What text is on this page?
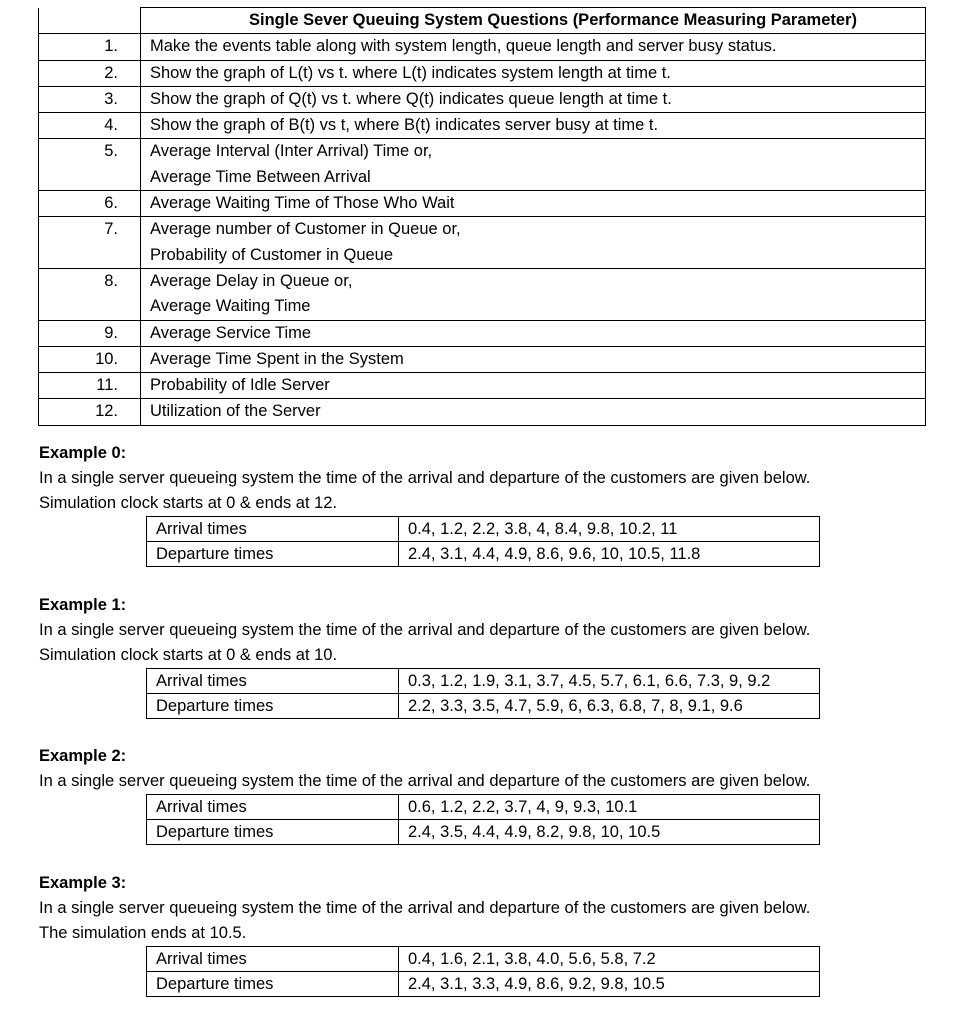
	Single Sever Queuing System Questions (Performance Measuring Parameter)
1.	Make the events table along with system length, queue length and server busy status.

2.	Show the graph of L(t) vs t. where L(t) indicates system length at time t.

3.	Show the graph of Q(t) vs t. where Q(t) indicates queue length at time t.

4.	Show the graph of B(t) vs t, where B(t) indicates server busy at time t.

5.	Average Interval (Inter Arrival) Time or,
Average Time Between Arrival

6.	Average Waiting Time of Those Who Wait

7.	Average number of Customer in Queue or,
Probability of Customer in Queue

8.	Average Delay in Queue or,
Average Waiting Time

9.	Average Service Time

10.	Average Time Spent in the System

11.	Probability of Idle Server

12.	Utilization of the Server
Example 0:
In a single server queueing system the time of the arrival and departure of the customers are given below.
Simulation clock starts at 0 & ends at 12.
Arrival times	0.4, 1.2, 2.2, 3.8, 4, 8.4, 9.8, 10.2, 11
Departure times	2.4, 3.1, 4.4, 4.9, 8.6, 9.6, 10, 10.5, 11.8
Example 1:
In a single server queueing system the time of the arrival and departure of the customers are given below.
Simulation clock starts at 0 & ends at 10.
Arrival times	0.3, 1.2, 1.9, 3.1, 3.7, 4.5, 5.7, 6.1, 6.6, 7.3, 9, 9.2
Departure times	2.2, 3.3, 3.5, 4.7, 5.9, 6, 6.3, 6.8, 7, 8, 9.1, 9.6
Example 2:
In a single server queueing system the time of the arrival and departure of the customers are given below.
Arrival times	0.6, 1.2, 2.2, 3.7, 4, 9, 9.3, 10.1
Departure times	2.4, 3.5, 4.4, 4.9, 8.2, 9.8, 10, 10.5
Example 3:
In a single server queueing system the time of the arrival and departure of the customers are given below.
The simulation ends at 10.5.
Arrival times	0.4, 1.6, 2.1, 3.8, 4.0, 5.6, 5.8, 7.2
Departure times	2.4, 3.1, 3.3, 4.9, 8.6, 9.2, 9.8, 10.5
